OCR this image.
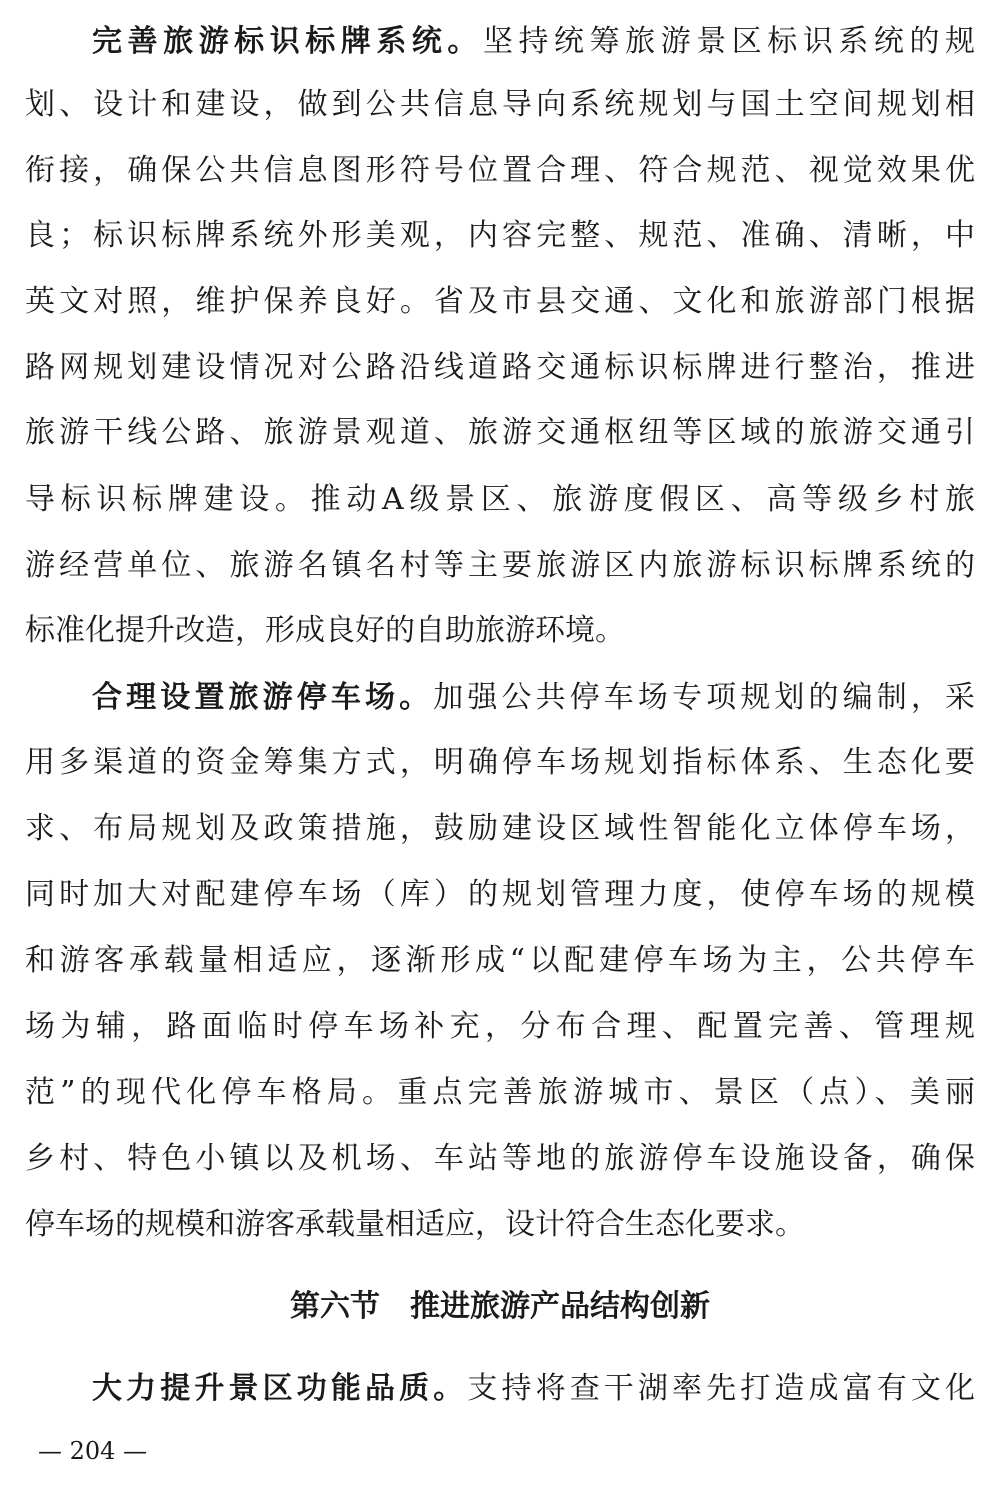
完善旅游标识标牌系统。坚持统筹旅游景区标识系统的规
划、设计和建设，做到公共信息导向系统规划与国土空间规划相
衔接，确保公共信息图形符号位置合理、符合规范、视觉效果优
良；标识标牌系统外形美观，内容完整、规范、准确、清晰，中
英文对照，维护保养良好。省及市县交通、文化和旅游部门根据
路网规划建设情况对公路沿线道路交通标识标牌进行整治，推进
旅游干线公路、旅游景观道、旅游交通枢纽等区域的旅游交通引
导标识标牌建设。推动A级景区、旅游度假区、高等级乡村旅
游经营单位、旅游名镇名村等主要旅游区内旅游标识标牌系统的
标准化提升改造，形成良好的自助旅游环境。
合理设置旅游停车场。加强公共停车场专项规划的编制，采
用多渠道的资金筹集方式，明确停车场规划指标体系、生态化要
求、布局规划及政策措施，鼓励建设区域性智能化立体停车场，
同时加大对配建停车场（库）的规划管理力度，使停车场的规模
和游客承载量相适应，逐渐形成“以配建停车场为主，公共停车
场为辅，路面临时停车场补充，分布合理、配置完善、管理规
范”的现代化停车格局。重点完善旅游城市、景区（点）、美丽
乡村、特色小镇以及机场、车站等地的旅游停车设施设备，确保
停车场的规模和游客承载量相适应，设计符合生态化要求。
第六节　推进旅游产品结构创新
大力提升景区功能品质。支持将查干湖率先打造成富有文化
— 204 —
